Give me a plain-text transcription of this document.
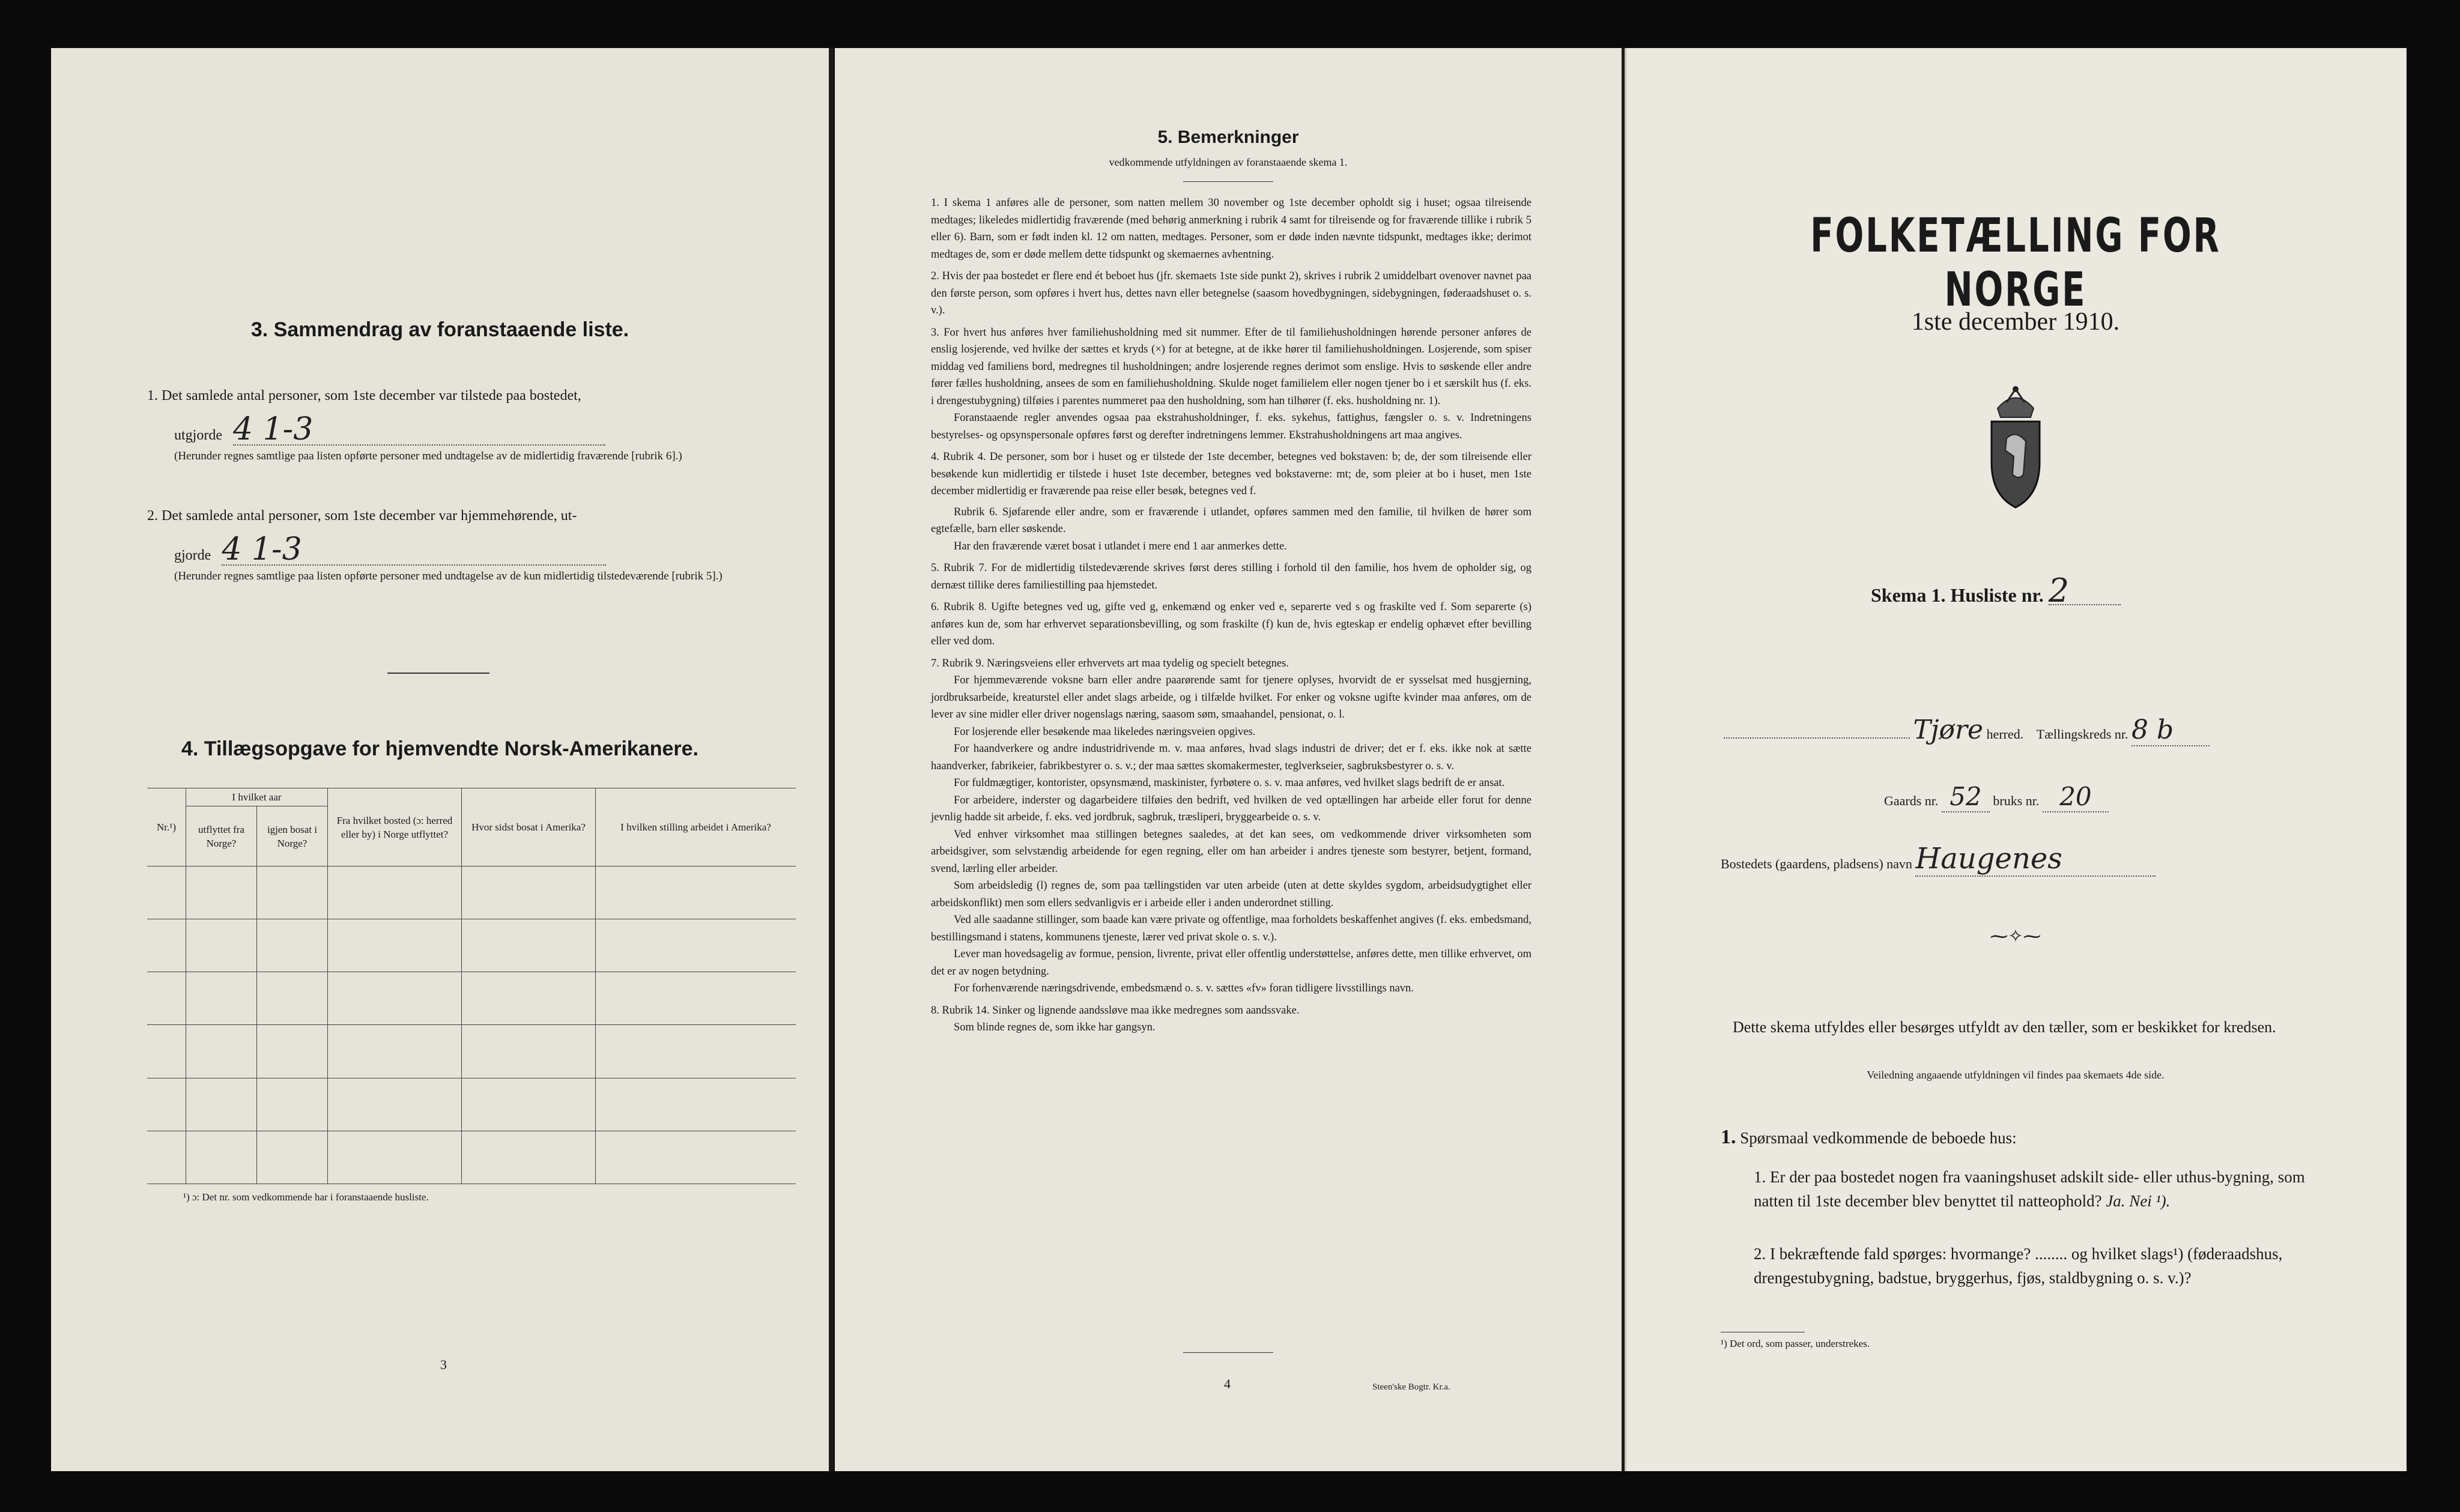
3. Sammendrag av foranstaaende liste.
1. Det samlede antal personer, som 1ste december var tilstede paa bostedet,
utgjorde 4 1-3
(Herunder regnes samtlige paa listen opførte personer med undtagelse av de midlertidig fraværende [rubrik 6].)
2. Det samlede antal personer, som 1ste december var hjemmehørende, ut-
gjorde 4 1-3
(Herunder regnes samtlige paa listen opførte personer med undtagelse av de kun midlertidig tilstedeværende [rubrik 5].)
4. Tillægsopgave for hjemvendte Norsk-Amerikanere.
Nr.¹)	I hvilket aar		Fra hvilket bosted (ɔ: herred eller by) i Norge utflyttet?	Hvor sidst bosat i Amerika?	I hvilken stilling arbeidet i Amerika?
	utflyttet fra Norge?	igjen bosat i Norge?			

¹) ɔ: Det nr. som vedkommende har i foranstaaende husliste.
3
5. Bemerkninger
vedkommende utfyldningen av foranstaaende skema 1.

1. I skema 1 anføres alle de personer, som natten mellem 30 november og 1ste december opholdt sig i huset; ogsaa tilreisende medtages; likeledes midlertidig fraværende (med behørig anmerkning i rubrik 4 samt for tilreisende og for fraværende tillike i rubrik 5 eller 6). Barn, som er født inden kl. 12 om natten, medtages. Personer, som er døde inden nævnte tidspunkt, medtages ikke; derimot medtages de, som er døde mellem dette tidspunkt og skemaernes avhentning.

2. Hvis der paa bostedet er flere end ét beboet hus (jfr. skemaets 1ste side punkt 2), skrives i rubrik 2 umiddelbart ovenover navnet paa den første person, som opføres i hvert hus, dettes navn eller betegnelse (saasom hovedbygningen, sidebygningen, føderaadshuset o. s. v.).

3. For hvert hus anføres hver familiehusholdning med sit nummer. Efter de til familiehusholdningen hørende personer anføres de enslig losjerende, ved hvilke der sættes et kryds (×) for at betegne, at de ikke hører til familiehusholdningen. Losjerende, som spiser middag ved familiens bord, medregnes til husholdningen; andre losjerende regnes derimot som enslige. Hvis to søskende eller andre fører fælles husholdning, ansees de som en familiehusholdning. Skulde noget familielem eller nogen tjener bo i et særskilt hus (f. eks. i drengestubygning) tilføies i parentes nummeret paa den husholdning, som han tilhører (f. eks. husholdning nr. 1).

Foranstaaende regler anvendes ogsaa paa ekstrahusholdninger, f. eks. sykehus, fattighus, fængsler o. s. v. Indretningens bestyrelses- og opsynspersonale opføres først og derefter indretningens lemmer. Ekstrahusholdningens art maa angives.

4. Rubrik 4. De personer, som bor i huset og er tilstede der 1ste december, betegnes ved bokstaven: b; de, der som tilreisende eller besøkende kun midlertidig er tilstede i huset 1ste december, betegnes ved bokstaverne: mt; de, som pleier at bo i huset, men 1ste december midlertidig er fraværende paa reise eller besøk, betegnes ved f.

Rubrik 6. Sjøfarende eller andre, som er fraværende i utlandet, opføres sammen med den familie, til hvilken de hører som egtefælle, barn eller søskende.

Har den fraværende været bosat i utlandet i mere end 1 aar anmerkes dette.

5. Rubrik 7. For de midlertidig tilstedeværende skrives først deres stilling i forhold til den familie, hos hvem de opholder sig, og dernæst tillike deres familiestilling paa hjemstedet.

6. Rubrik 8. Ugifte betegnes ved ug, gifte ved g, enkemænd og enker ved e, separerte ved s og fraskilte ved f. Som separerte (s) anføres kun de, som har erhvervet separationsbevilling, og som fraskilte (f) kun de, hvis egteskap er endelig ophævet efter bevilling eller ved dom.

7. Rubrik 9. Næringsveiens eller erhvervets art maa tydelig og specielt betegnes.

For hjemmeværende voksne barn eller andre paarørende samt for tjenere oplyses, hvorvidt de er sysselsat med husgjerning, jordbruksarbeide, kreaturstel eller andet slags arbeide, og i tilfælde hvilket. For enker og voksne ugifte kvinder maa anføres, om de lever av sine midler eller driver nogenslags næring, saasom søm, smaahandel, pensionat, o. l.

For losjerende eller besøkende maa likeledes næringsveien opgives.

For haandverkere og andre industridrivende m. v. maa anføres, hvad slags industri de driver; det er f. eks. ikke nok at sætte haandverker, fabrikeier, fabrikbestyrer o. s. v.; der maa sættes skomakermester, teglverkseier, sagbruksbestyrer o. s. v.

For fuldmægtiger, kontorister, opsynsmænd, maskinister, fyrbøtere o. s. v. maa anføres, ved hvilket slags bedrift de er ansat.

For arbeidere, inderster og dagarbeidere tilføies den bedrift, ved hvilken de ved optællingen har arbeide eller forut for denne jevnlig hadde sit arbeide, f. eks. ved jordbruk, sagbruk, træsliperi, bryggearbeide o. s. v.

Ved enhver virksomhet maa stillingen betegnes saaledes, at det kan sees, om vedkommende driver virksomheten som arbeidsgiver, som selvstændig arbeidende for egen regning, eller om han arbeider i andres tjeneste som bestyrer, betjent, formand, svend, lærling eller arbeider.

Som arbeidsledig (l) regnes de, som paa tællingstiden var uten arbeide (uten at dette skyldes sygdom, arbeidsudygtighet eller arbeidskonflikt) men som ellers sedvanligvis er i arbeide eller i anden underordnet stilling.

Ved alle saadanne stillinger, som baade kan være private og offentlige, maa forholdets beskaffenhet angives (f. eks. embedsmand, bestillingsmand i statens, kommunens tjeneste, lærer ved privat skole o. s. v.).

Lever man hovedsagelig av formue, pension, livrente, privat eller offentlig understøttelse, anføres dette, men tillike erhvervet, om det er av nogen betydning.

For forhenværende næringsdrivende, embedsmænd o. s. v. sættes «fv» foran tidligere livsstillings navn.

8. Rubrik 14. Sinker og lignende aandssløve maa ikke medregnes som aandssvake.

Som blinde regnes de, som ikke har gangsyn.

4	Steen'ske Bogtr. Kr.a.
FOLKETÆLLING FOR NORGE
1ste december 1910.
Skema 1. Husliste nr. 2
Tjøre herred. Tællingskreds nr. 8 b
Gaards nr. 52 bruks nr. 20
Bostedets (gaardens, pladsens) navn Haugenes
⁓✧⁓
Dette skema utfyldes eller besørges utfyldt av den tæller, som er beskikket for kredsen.
Veiledning angaaende utfyldningen vil findes paa skemaets 4de side.
1. Spørsmaal vedkommende de beboede hus:
1. Er der paa bostedet nogen fra vaaningshuset adskilt side- eller uthus-bygning, som natten til 1ste december blev benyttet til natteophold? Ja. Nei ¹).
2. I bekræftende fald spørges: hvormange? ........ og hvilket slags¹) (føderaadshus, drengestubygning, badstue, bryggerhus, fjøs, staldbygning o. s. v.)?
¹) Det ord, som passer, understrekes.
